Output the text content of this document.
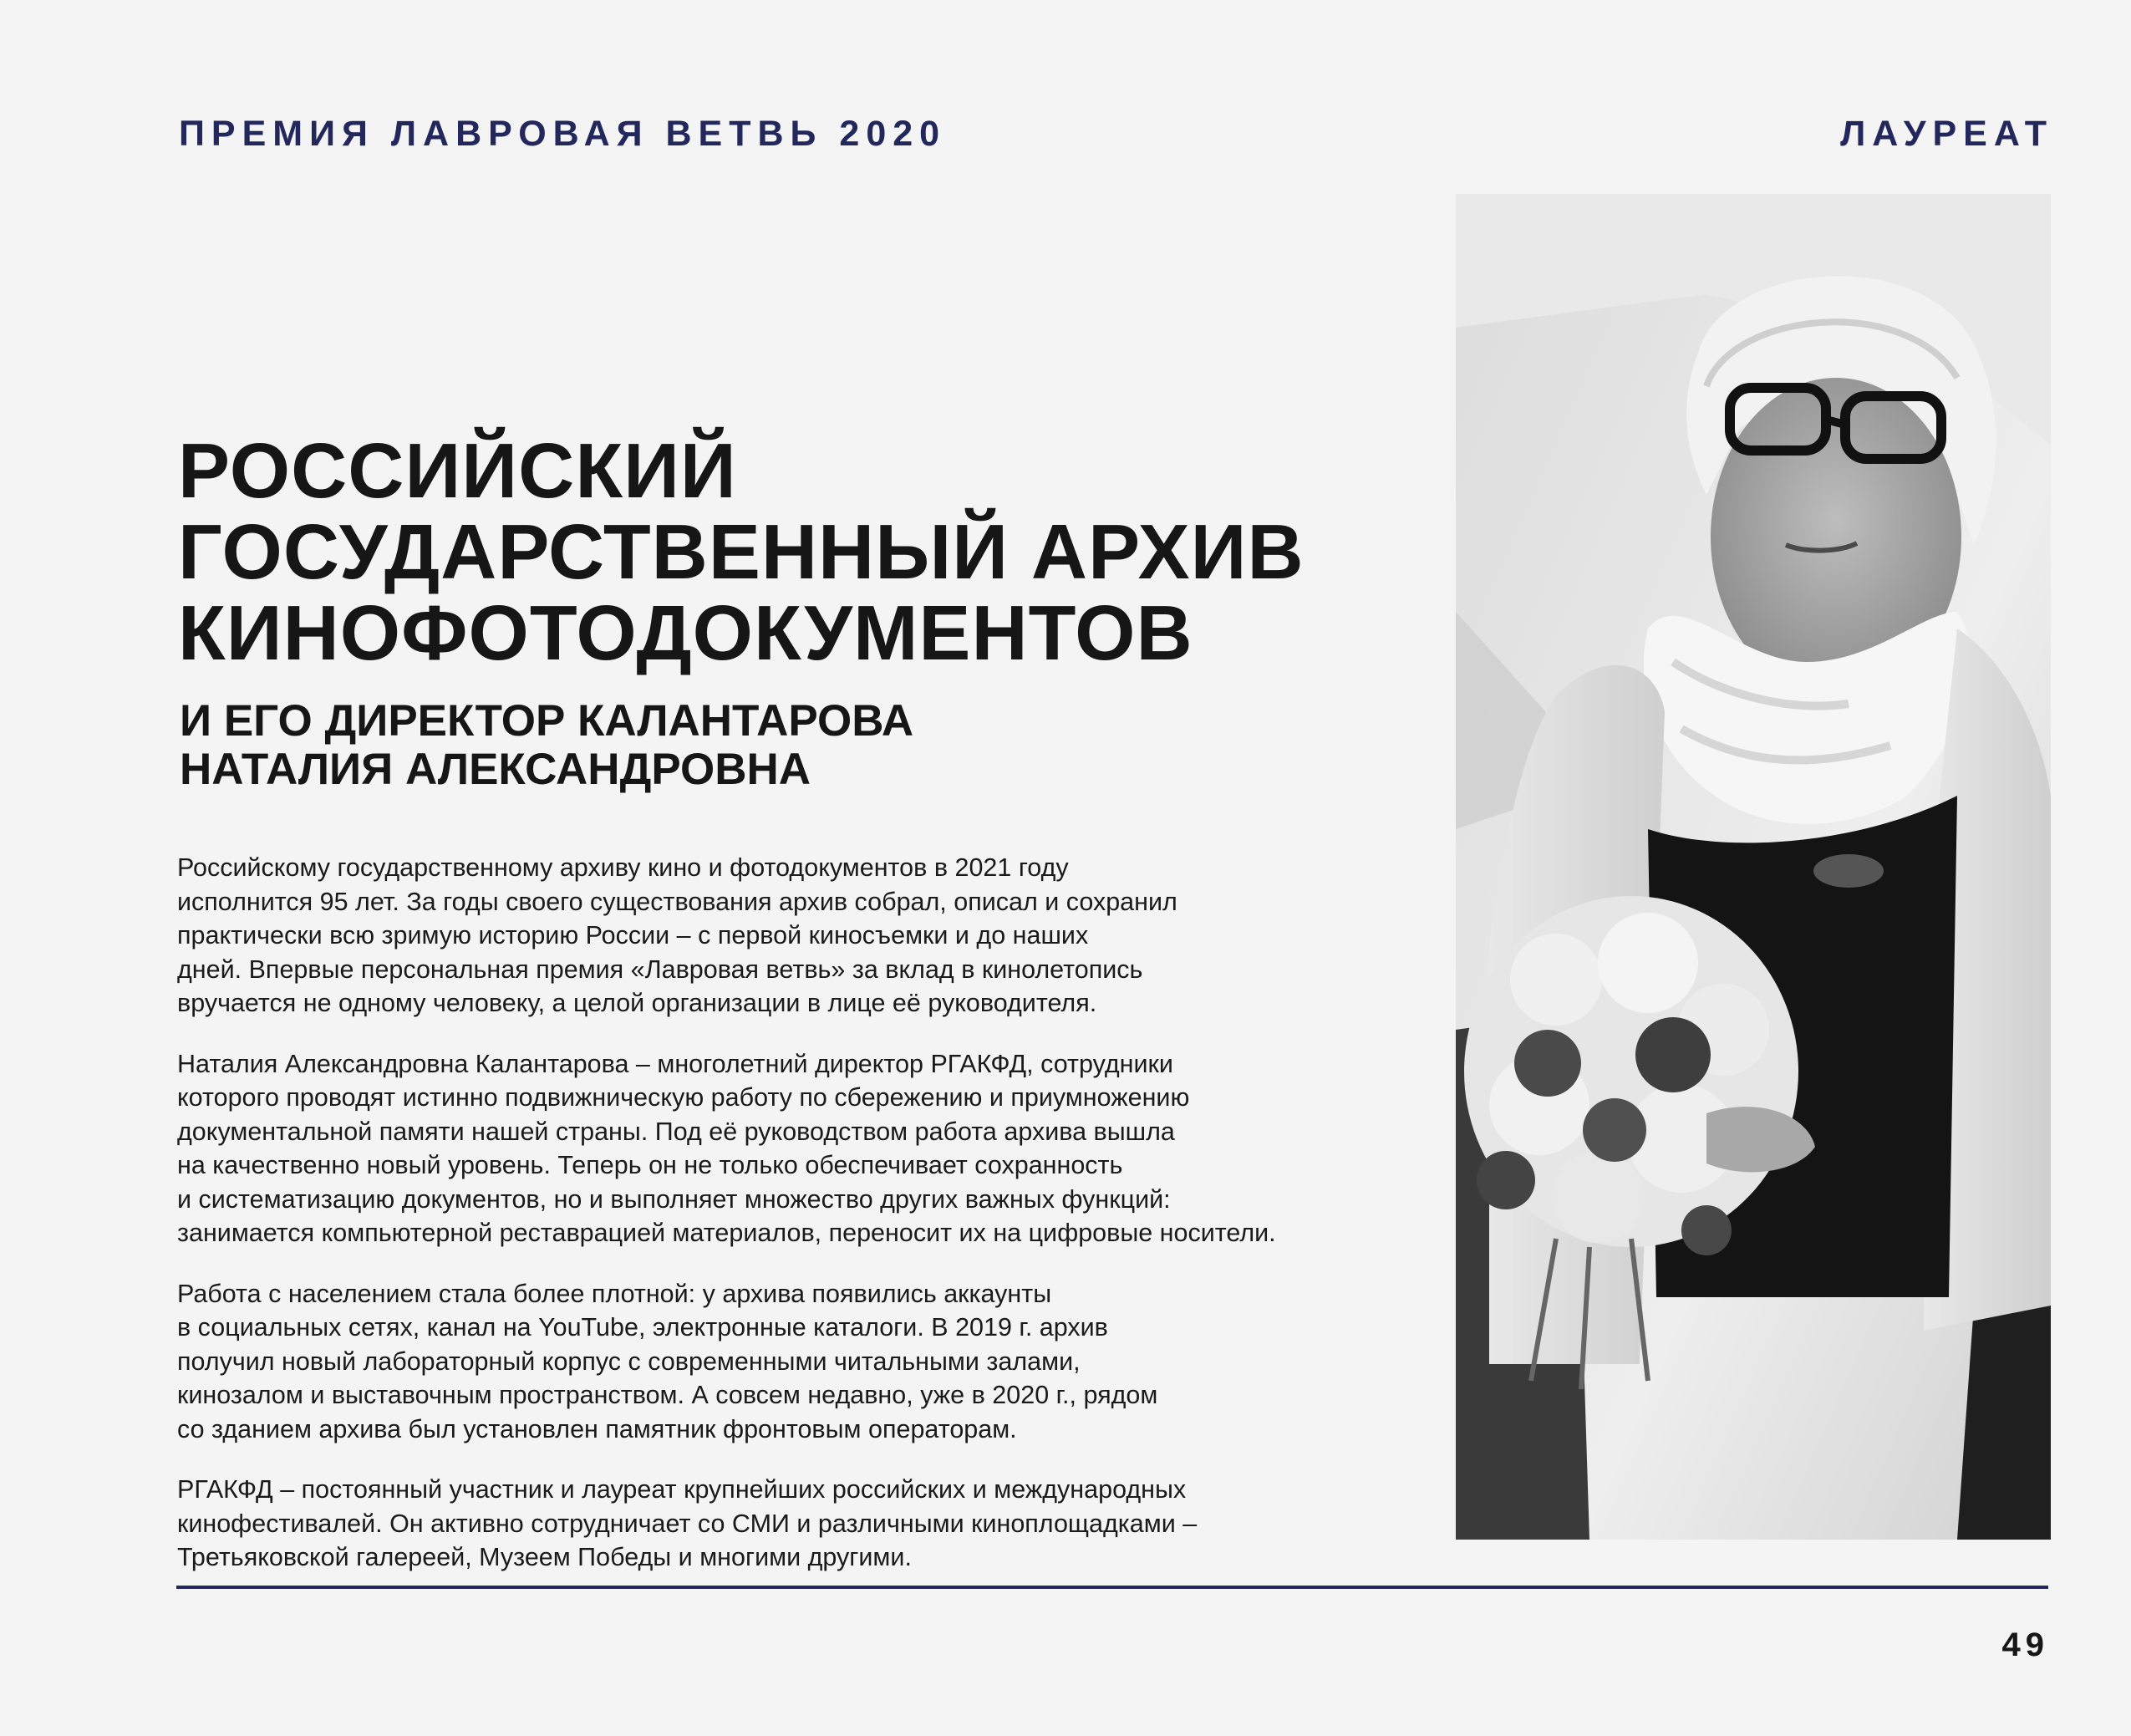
ПРЕМИЯ ЛАВРОВАЯ ВЕТВЬ 2020	ЛАУРЕАТ
РОССИЙСКИЙ
ГОСУДАРСТВЕННЫЙ АРХИВ
КИНОФОТОДОКУМЕНТОВ
И ЕГО ДИРЕКТОР КАЛАНТАРОВА
НАТАЛИЯ АЛЕКСАНДРОВНА

Российскому государственному архиву кино и фотодокументов в 2021 году
исполнится 95 лет. За годы своего существования архив собрал, описал и сохранил
практически всю зримую историю России – с первой киносъемки и до наших
дней. Впервые персональная премия «Лавровая ветвь» за вклад в кинолетопись
вручается не одному человеку, а целой организации в лице её руководителя.

Наталия Александровна Калантарова – многолетний директор РГАКФД, сотрудники
которого проводят истинно подвижническую работу по сбережению и приумножению
документальной памяти нашей страны. Под её руководством работа архива вышла
на качественно новый уровень. Теперь он не только обеспечивает сохранность
и систематизацию документов, но и выполняет множество других важных функций:
занимается компьютерной реставрацией материалов, переносит их на цифровые носители.

Работа с населением стала более плотной: у архива появились аккаунты
в социальных сетях, канал на YouTube, электронные каталоги. В 2019 г. архив
получил новый лабораторный корпус с современными читальными залами,
кинозалом и выставочным пространством. А совсем недавно, уже в 2020 г., рядом
со зданием архива был установлен памятник фронтовым операторам.

РГАКФД – постоянный участник и лауреат крупнейших российских и международных
кинофестивалей. Он активно сотрудничает со СМИ и различными киноплощадками –
Третьяковской галереей, Музеем Победы и многими другими.

49
